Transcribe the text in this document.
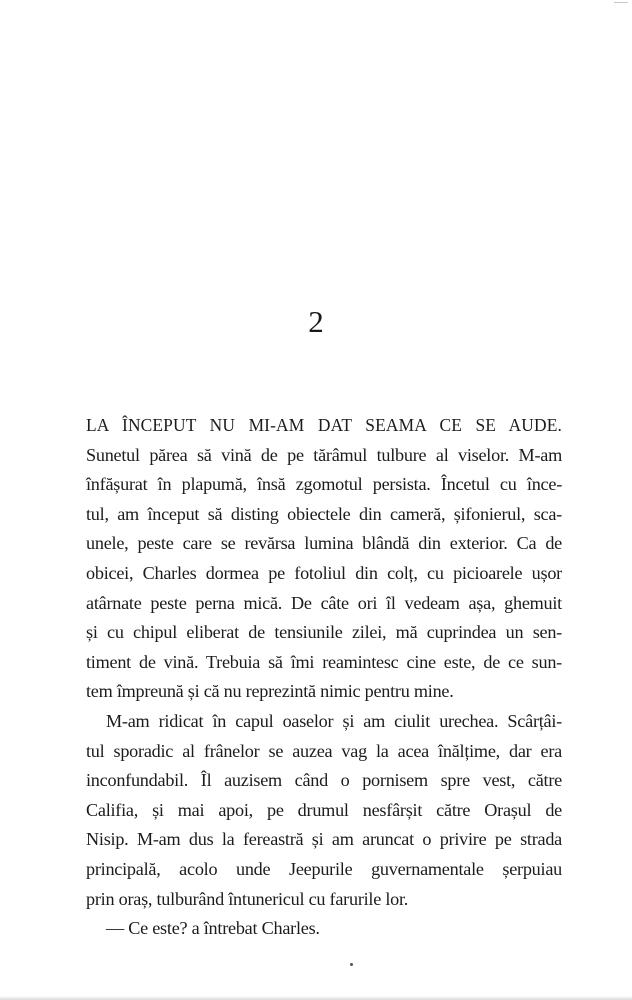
2
LA ÎNCEPUT NU MI-AM DAT SEAMA CE SE AUDE.
Sunetul părea să vină de pe tărâmul tulbure al viselor. M-am
înfășurat în plapumă, însă zgomotul persista. Încetul cu înce-
tul, am început să disting obiectele din cameră, șifonierul, sca-
unele, peste care se revărsa lumina blândă din exterior. Ca de
obicei, Charles dormea pe fotoliul din colț, cu picioarele ușor
atârnate peste perna mică. De câte ori îl vedeam așa, ghemuit
și cu chipul eliberat de tensiunile zilei, mă cuprindea un sen-
timent de vină. Trebuia să îmi reamintesc cine este, de ce sun-
tem împreună și că nu reprezintă nimic pentru mine.
M-am ridicat în capul oaselor și am ciulit urechea. Scârțâi-
tul sporadic al frânelor se auzea vag la acea înălțime, dar era
inconfundabil. Îl auzisem când o pornisem spre vest, către
Califia, și mai apoi, pe drumul nesfârșit către Orașul de
Nisip. M-am dus la fereastră și am aruncat o privire pe strada
principală, acolo unde Jeepurile guvernamentale șerpuiau
prin oraș, tulburând întunericul cu farurile lor.
— Ce este? a întrebat Charles.
